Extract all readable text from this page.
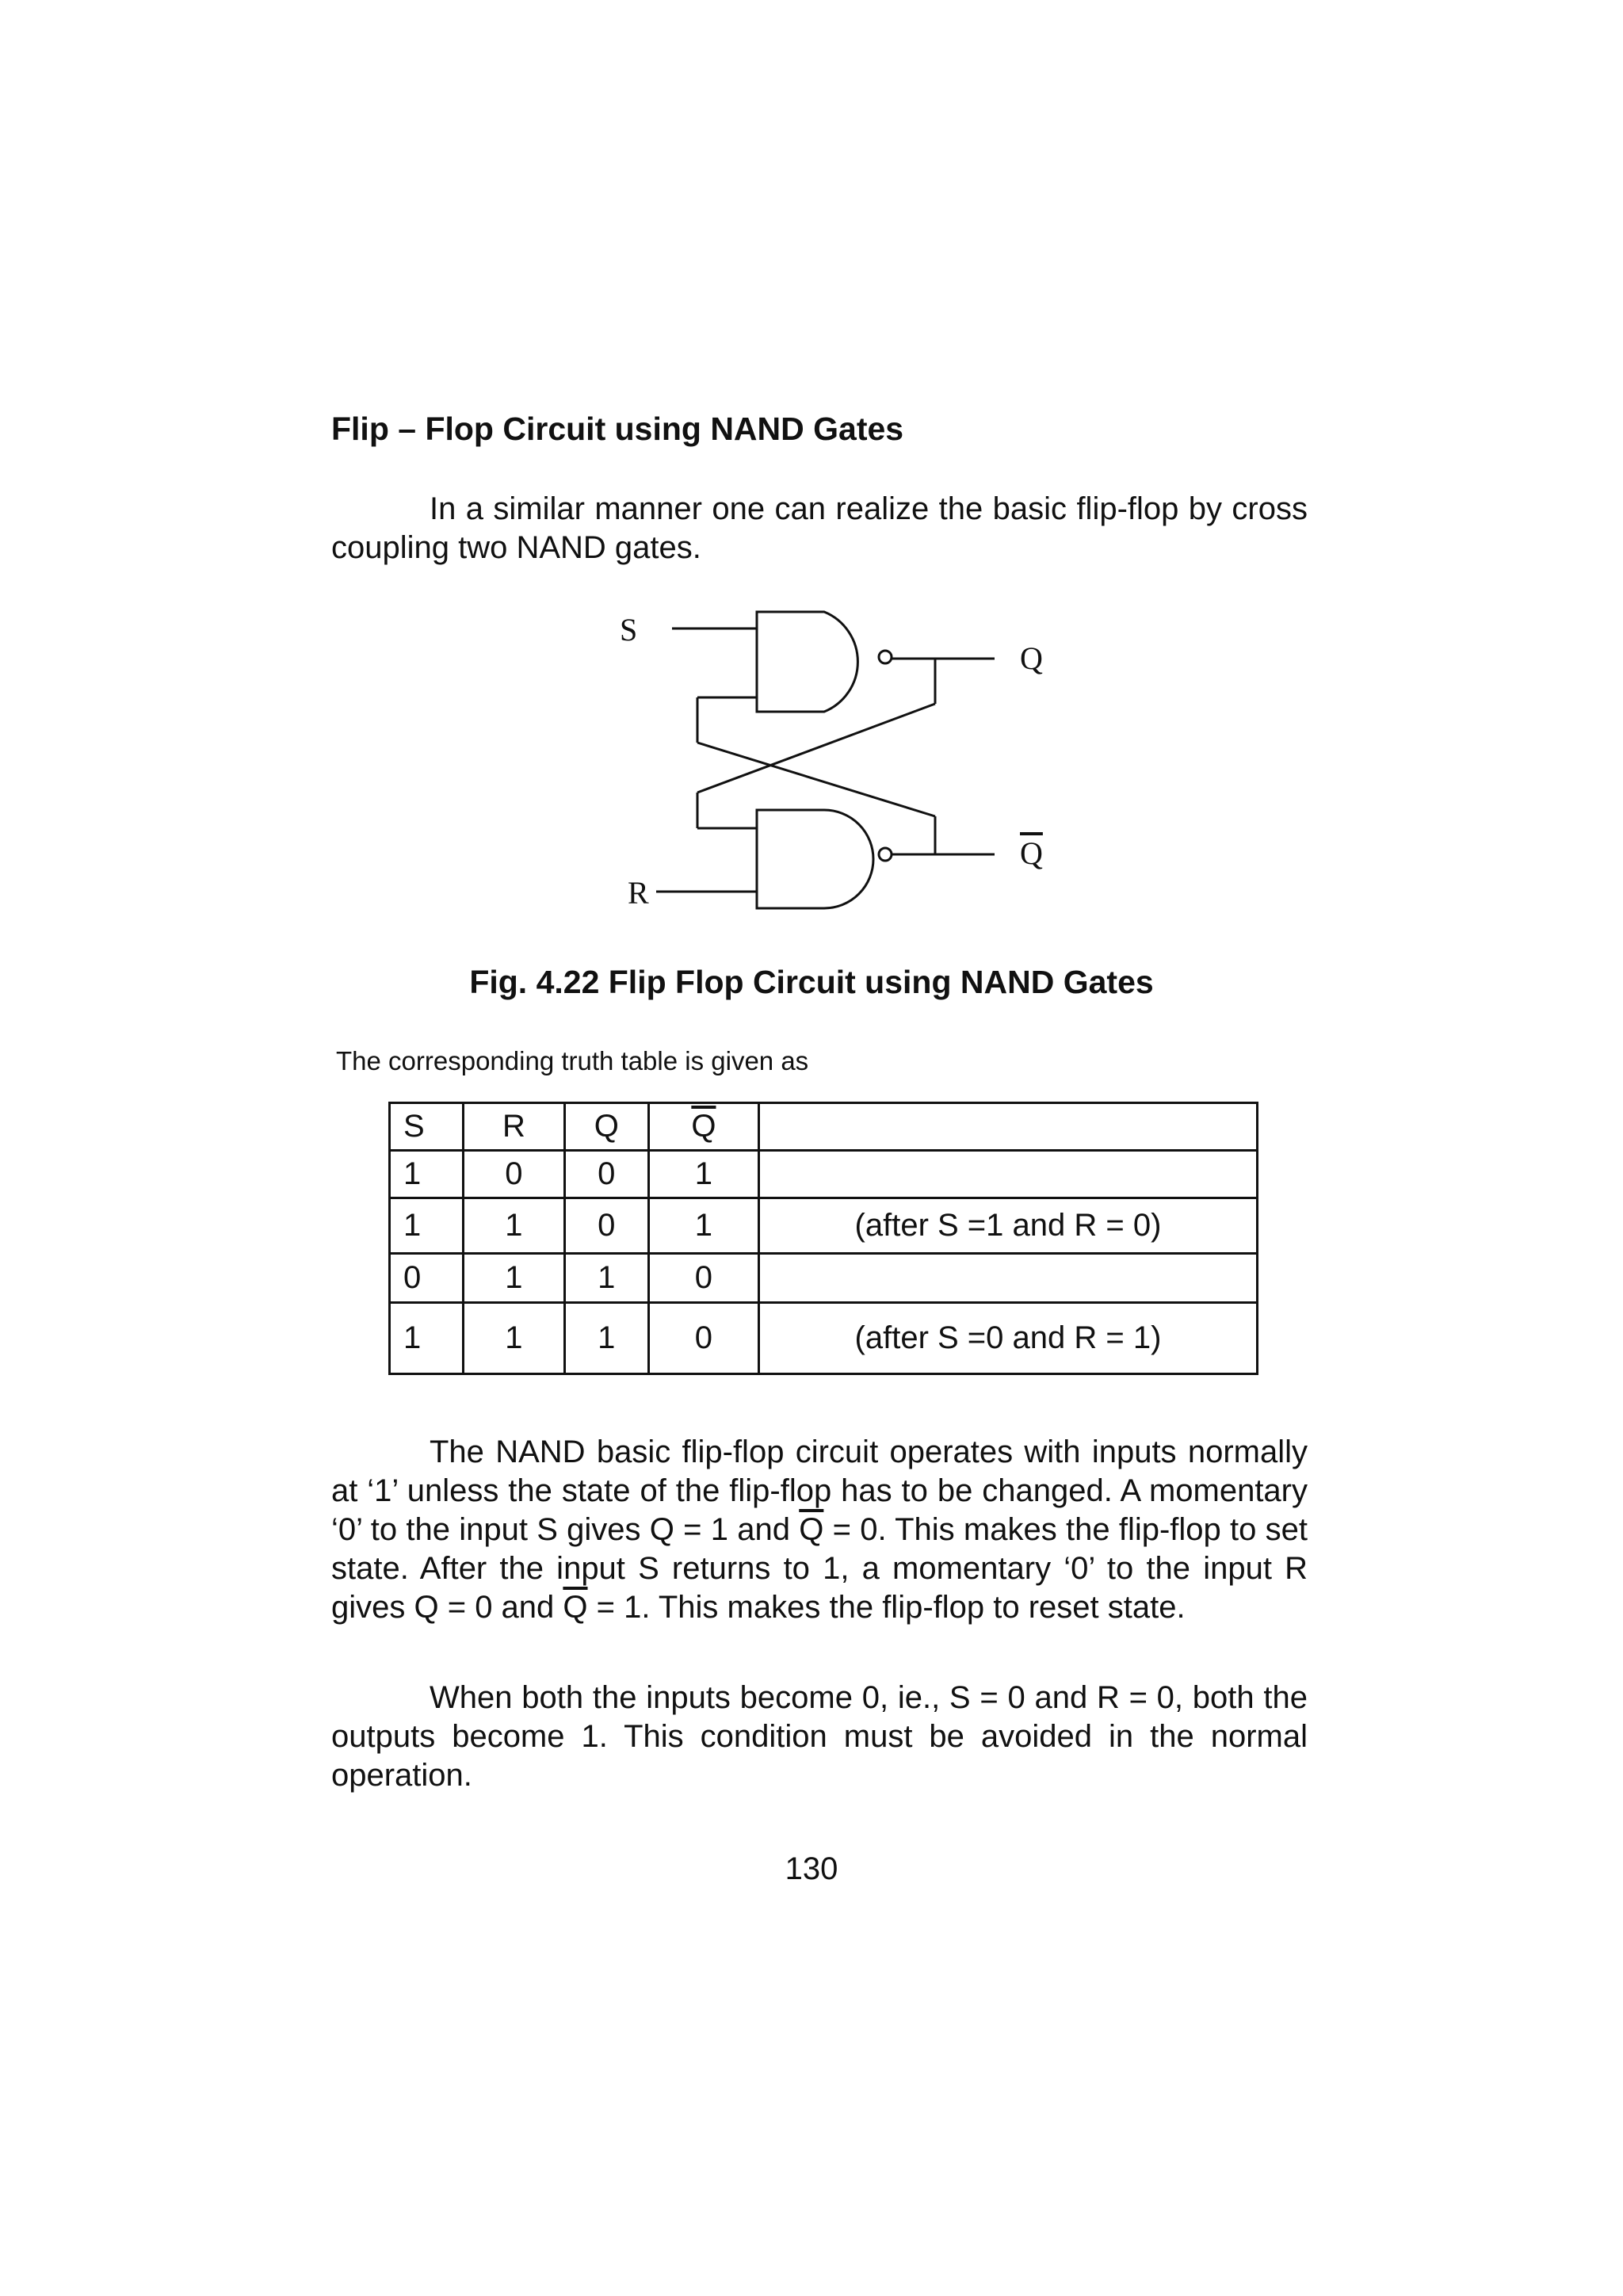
Flip – Flop Circuit using NAND Gates

In a similar manner one can realize the basic flip-flop by cross coupling two NAND gates.

S
R
Q
Q

Fig. 4.22 Flip Flop Circuit using NAND Gates

The corresponding truth table is given as

S	R	Q	$\overline{Q}$	
1	0	0	1	
1	1	0	1	(after S =1 and R = 0)
0	1	1	0	
1	1	1	0	(after S =0 and R = 1)

The NAND basic flip-flop circuit operates with inputs normally at ‘1’ unless the state of the flip-flop has to be changed. A momentary ‘0’ to the input S gives Q = 1 and $\overline{Q} = 0$. This makes the flip-flop to set state. After the input S returns to 1, a momentary ‘0’ to the input R gives Q = 0 and $\overline{Q} = 1$. This makes the flip-flop to reset state.

When both the inputs become 0, ie., S = 0 and R = 0, both the outputs become 1. This condition must be avoided in the normal operation.

130
